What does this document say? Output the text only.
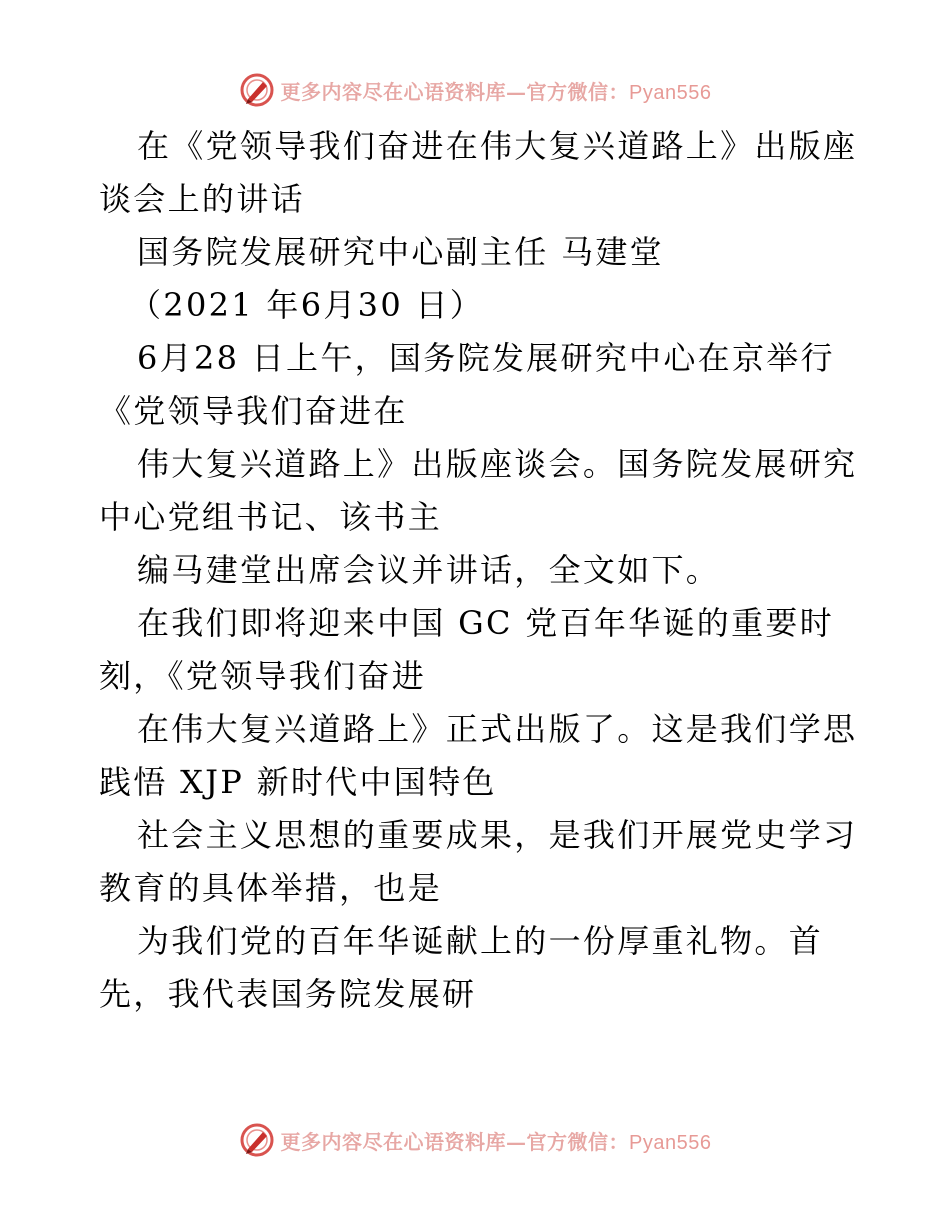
更多内容尽在心语资料库—官方微信：Pyan556
在《党领导我们奋进在伟大复兴道路上》出版座
谈会上的讲话
国务院发展研究中心副主任 马建堂
（2021 年6月30 日）
6月28 日上午，国务院发展研究中心在京举行
《党领导我们奋进在
伟大复兴道路上》出版座谈会。国务院发展研究
中心党组书记、该书主
编马建堂出席会议并讲话，全文如下。
在我们即将迎来中国 GC 党百年华诞的重要时
刻，《党领导我们奋进
在伟大复兴道路上》正式出版了。这是我们学思
践悟 XJP 新时代中国特色
社会主义思想的重要成果，是我们开展党史学习
教育的具体举措，也是
为我们党的百年华诞献上的一份厚重礼物。首
先，我代表国务院发展研
更多内容尽在心语资料库—官方微信：Pyan556
